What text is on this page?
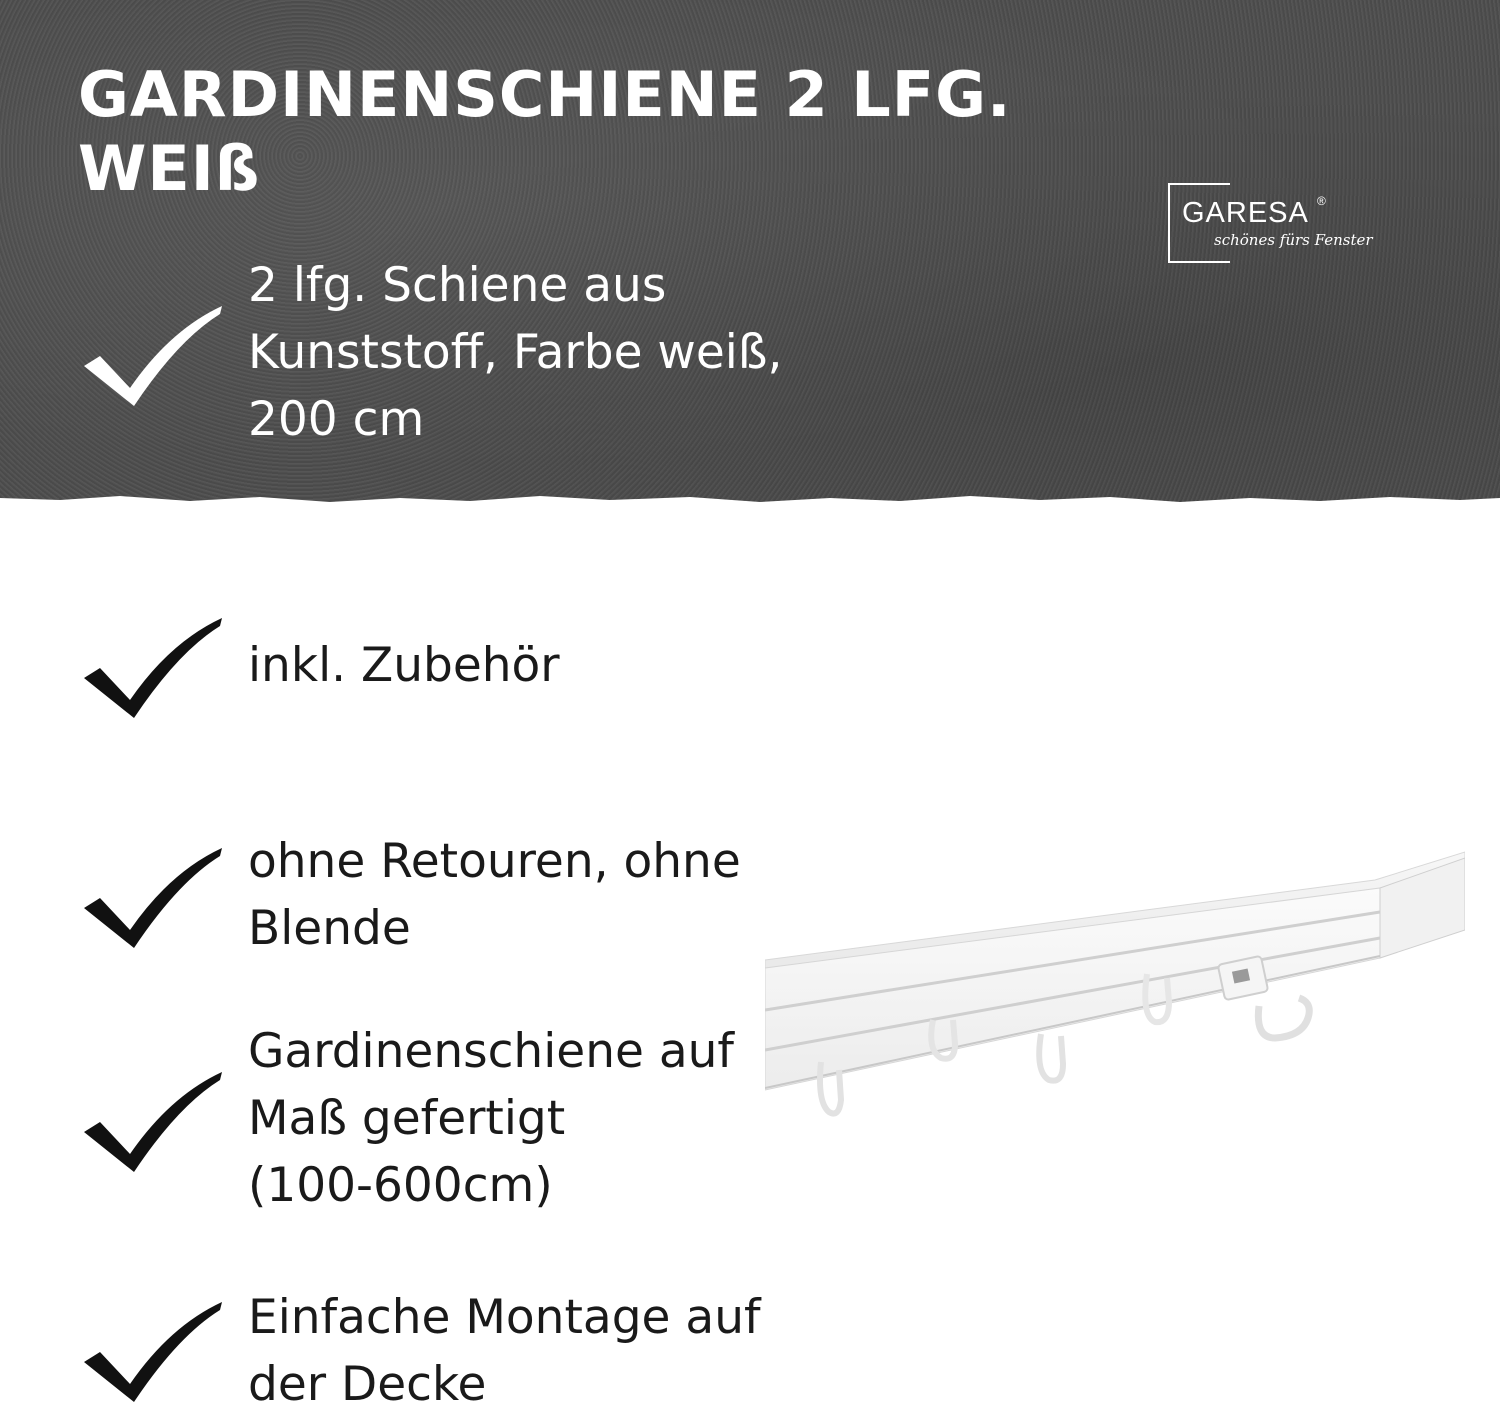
GARDINENSCHIENE 2 LFG.
WEIß
GARESA ®
schönes fürs Fenster

2 lfg. Schiene aus
Kunststoff, Farbe weiß,
200 cm

inkl. Zubehör

ohne Retouren, ohne
Blende

Gardinenschiene auf
Maß gefertigt
(100-600cm)

Einfache Montage auf
der Decke
